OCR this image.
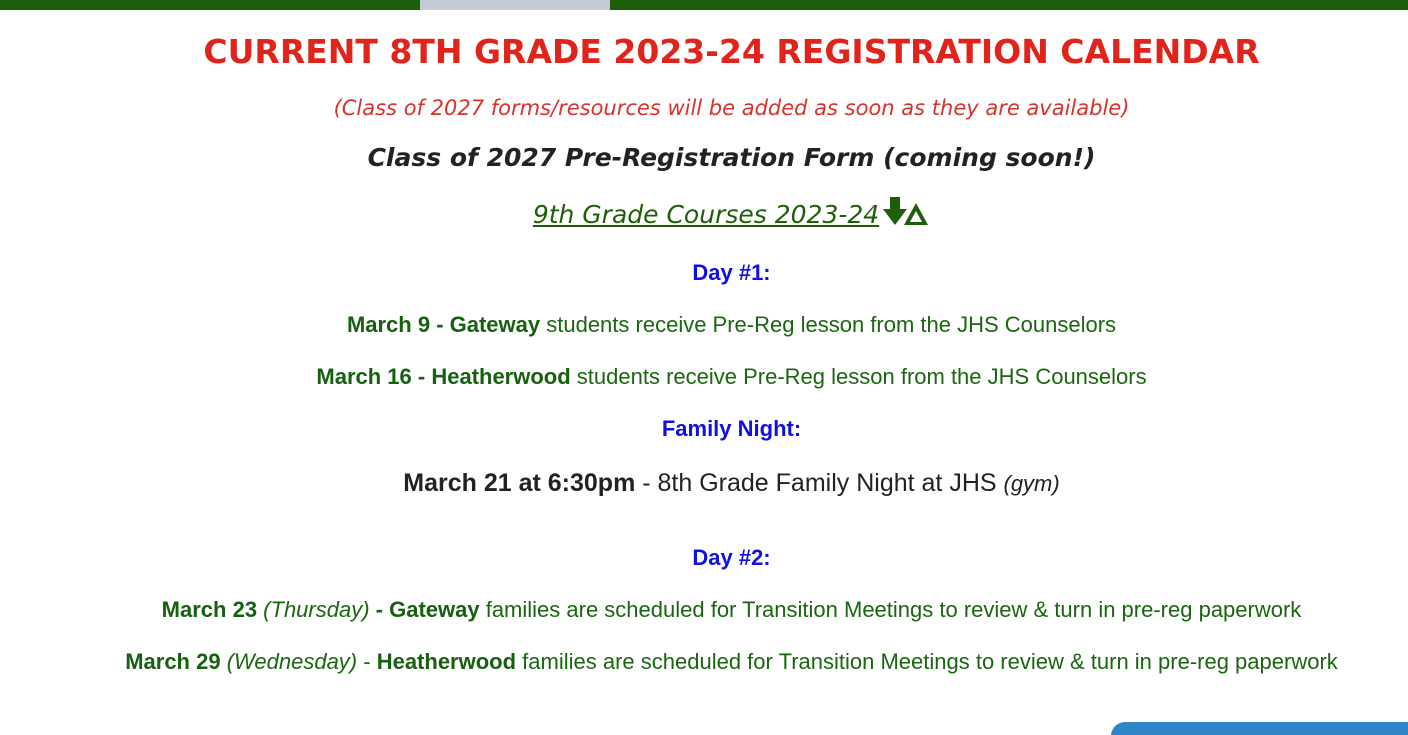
CURRENT 8TH GRADE 2023-24 REGISTRATION CALENDAR
(Class of 2027 forms/resources will be added as soon as they are available)
Class of 2027 Pre-Registration Form (coming soon!)
9th Grade Courses 2023-24
Day #1:
March 9 - Gateway students receive Pre-Reg lesson from the JHS Counselors
March 16 - Heatherwood students receive Pre-Reg lesson from the JHS Counselors
Family Night:
March 21 at 6:30pm - 8th Grade Family Night at JHS (gym)
Day #2:
March 23 (Thursday) - Gateway families are scheduled for Transition Meetings to review & turn in pre-reg paperwork
March 29 (Wednesday) - Heatherwood families are scheduled for Transition Meetings to review & turn in pre-reg paperwork
